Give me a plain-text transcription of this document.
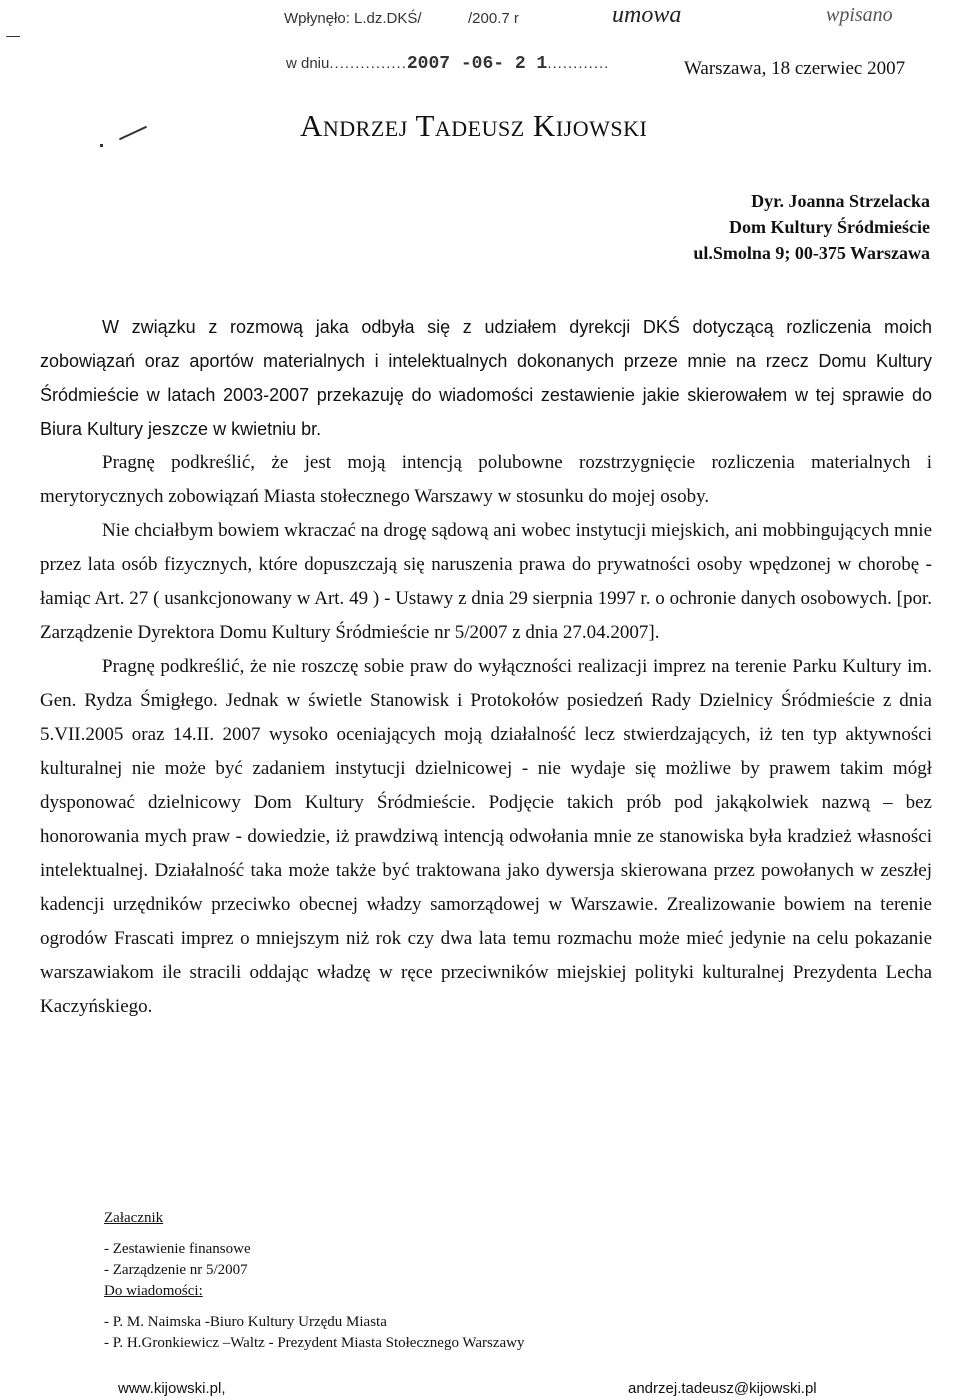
Wpłynęło: L.dz.DKŚ/	/200.7 r
w dniu...............2007 -06- 2 1............
umowa	wpisano
Warszawa, 18 czerwiec 2007
Andrzej Tadeusz Kijowski
Dyr. Joanna Strzelacka
Dom Kultury Śródmieście
ul.Smolna 9; 00-375 Warszawa

W związku z rozmową jaka odbyła się z udziałem dyrekcji DKŚ dotyczącą rozliczenia moich zobowiązań oraz aportów materialnych i intelektualnych dokonanych przeze mnie na rzecz Domu Kultury Śródmieście w latach 2003-2007 przekazuję do wiadomości zestawienie jakie skierowałem w tej sprawie do Biura Kultury jeszcze w kwietniu br.

Pragnę podkreślić, że jest moją intencją polubowne rozstrzygnięcie rozliczenia materialnych i merytorycznych zobowiązań Miasta stołecznego Warszawy w stosunku do mojej osoby.

Nie chciałbym bowiem wkraczać na drogę sądową ani wobec instytucji miejskich, ani mobbingujących mnie przez lata osób fizycznych, które dopuszczają się naruszenia prawa do prywatności osoby wpędzonej w chorobę - łamiąc Art. 27 ( usankcjonowany w Art. 49 ) - Ustawy z dnia 29 sierpnia 1997 r. o ochronie danych osobowych. [por. Zarządzenie Dyrektora Domu Kultury Śródmieście nr 5/2007 z dnia 27.04.2007].

Pragnę podkreślić, że nie roszczę sobie praw do wyłączności realizacji imprez na terenie Parku Kultury im. Gen. Rydza Śmigłego. Jednak w świetle Stanowisk i Protokołów posiedzeń Rady Dzielnicy Śródmieście z dnia 5.VII.2005 oraz 14.II. 2007 wysoko oceniających moją działalność lecz stwierdzających, iż ten typ aktywności kulturalnej nie może być zadaniem instytucji dzielnicowej - nie wydaje się możliwe by prawem takim mógł dysponować dzielnicowy Dom Kultury Śródmieście. Podjęcie takich prób pod jakąkolwiek nazwą – bez honorowania mych praw - dowiedzie, iż prawdziwą intencją odwołania mnie ze stanowiska była kradzież własności intelektualnej. Działalność taka może także być traktowana jako dywersja skierowana przez powołanych w zeszłej kadencji urzędników przeciwko obecnej władzy samorządowej w Warszawie. Zrealizowanie bowiem na terenie ogrodów Frascati imprez o mniejszym niż rok czy dwa lata temu rozmachu może mieć jedynie na celu pokazanie warszawiakom ile stracili oddając władzę w ręce przeciwników miejskiej polityki kulturalnej Prezydenta Lecha Kaczyńskiego.

Załacznik
- Zestawienie finansowe
- Zarządzenie nr 5/2007
Do wiadomości:
- P. M. Naimska -Biuro Kultury Urzędu Miasta
- P. H.Gronkiewicz –Waltz - Prezydent Miasta Stołecznego Warszawy
www.kijowski.pl,	andrzej.tadeusz@kijowski.pl
